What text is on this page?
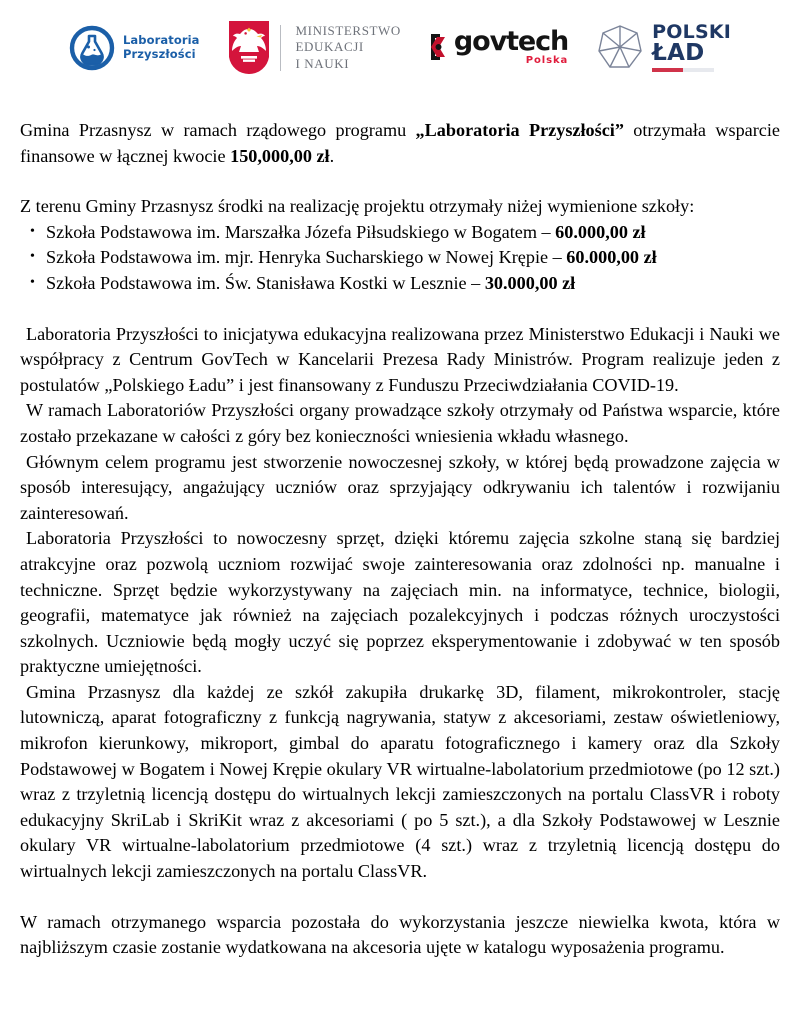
Laboratoria
Przyszłości
MINISTERSTWO
EDUKACJI
I NAUKI
govtech
Polska
POLSKI
ŁAD

Gmina Przasnysz w ramach rządowego programu „Laboratoria Przyszłości” otrzymała wsparcie finansowe w łącznej kwocie 150,000,00 zł.

Z terenu Gminy Przasnysz środki na realizację projektu otrzymały niżej wymienione szkoły:

• Szkoła Podstawowa im. Marszałka Józefa Piłsudskiego w Bogatem – 60.000,00 zł
• Szkoła Podstawowa im. mjr. Henryka Sucharskiego w Nowej Krępie – 60.000,00 zł
• Szkoła Podstawowa im. Św. Stanisława Kostki w Lesznie – 30.000,00 zł

Laboratoria Przyszłości to inicjatywa edukacyjna realizowana przez Ministerstwo Edukacji i Nauki we współpracy z Centrum GovTech w Kancelarii Prezesa Rady Ministrów. Program realizuje jeden z postulatów „Polskiego Ładu” i jest finansowany z Funduszu Przeciwdziałania COVID-19.

W ramach Laboratoriów Przyszłości organy prowadzące szkoły otrzymały od Państwa wsparcie, które zostało przekazane w całości z góry bez konieczności wniesienia wkładu własnego.

Głównym celem programu jest stworzenie nowoczesnej szkoły, w której będą prowadzone zajęcia w sposób interesujący, angażujący uczniów oraz sprzyjający odkrywaniu ich talentów i rozwijaniu zainteresowań.

Laboratoria Przyszłości to nowoczesny sprzęt, dzięki któremu zajęcia szkolne staną się bardziej atrakcyjne oraz pozwolą uczniom rozwijać swoje zainteresowania oraz zdolności np. manualne i techniczne. Sprzęt będzie wykorzystywany na zajęciach min. na informatyce, technice, biologii, geografii, matematyce jak również na zajęciach pozalekcyjnych i podczas różnych uroczystości szkolnych. Uczniowie będą mogły uczyć się poprzez eksperymentowanie i zdobywać w ten sposób praktyczne umiejętności.

Gmina Przasnysz dla każdej ze szkół zakupiła drukarkę 3D, filament, mikrokontroler, stację lutowniczą, aparat fotograficzny z funkcją nagrywania, statyw z akcesoriami, zestaw oświetleniowy, mikrofon kierunkowy, mikroport, gimbal do aparatu fotograficznego i kamery oraz dla Szkoły Podstawowej w Bogatem i Nowej Krępie okulary VR wirtualne-labolatorium przedmiotowe (po 12 szt.) wraz z trzyletnią licencją dostępu do wirtualnych lekcji zamieszczonych na portalu ClassVR i roboty edukacyjny SkriLab i SkriKit wraz z akcesoriami ( po 5 szt.), a dla Szkoły Podstawowej w Lesznie okulary VR wirtualne-labolatorium przedmiotowe (4 szt.) wraz z trzyletnią licencją dostępu do wirtualnych lekcji zamieszczonych na portalu ClassVR.

W ramach otrzymanego wsparcia pozostała do wykorzystania jeszcze niewielka kwota, która w najbliższym czasie zostanie wydatkowana na akcesoria ujęte w katalogu wyposażenia programu.
